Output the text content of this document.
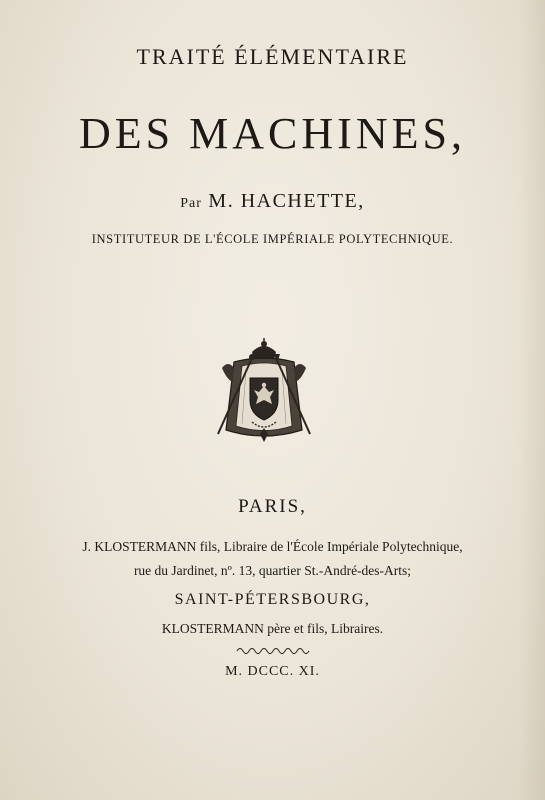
TRAITÉ ÉLÉMENTAIRE
DES MACHINES,
Par M. HACHETTE,
INSTITUTEUR DE L'ÉCOLE IMPÉRIALE POLYTECHNIQUE.
PARIS,
J. KLOSTERMANN fils, Libraire de l'École Impériale Polytechnique,
rue du Jardinet, nº. 13, quartier St.-André-des-Arts;
SAINT-PÉTERSBOURG,
KLOSTERMANN père et fils, Libraires.
M. DCCC. XI.
